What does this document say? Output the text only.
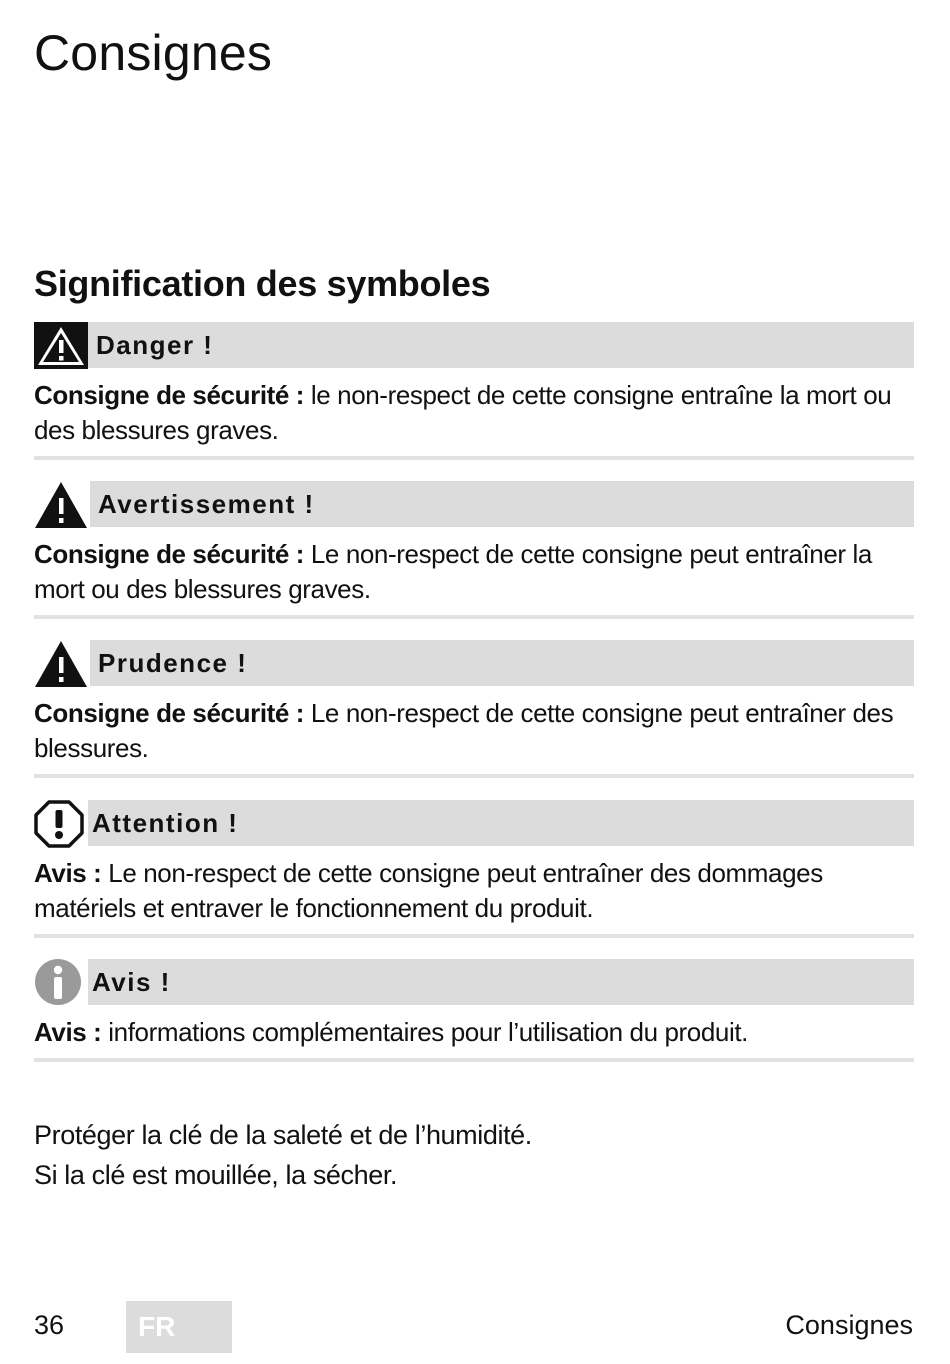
Consignes
Signification des symboles
Danger !

Consigne de sécurité : le non-respect de cette consigne entraîne la mort ou des blessures graves.

Avertissement !

Consigne de sécurité : Le non-respect de cette consigne peut entraîner la mort ou des blessures graves.

Prudence !

Consigne de sécurité : Le non-respect de cette consigne peut entraîner des blessures.

Attention !

Avis : Le non-respect de cette consigne peut entraîner des dommages matériels et entraver le fonctionnement du produit.

Avis !

Avis : informations complémentaires pour l’utilisation du produit.

Protéger la clé de la saleté et de l’humidité.

Si la clé est mouillée, la sécher.

36	FR	Consignes
